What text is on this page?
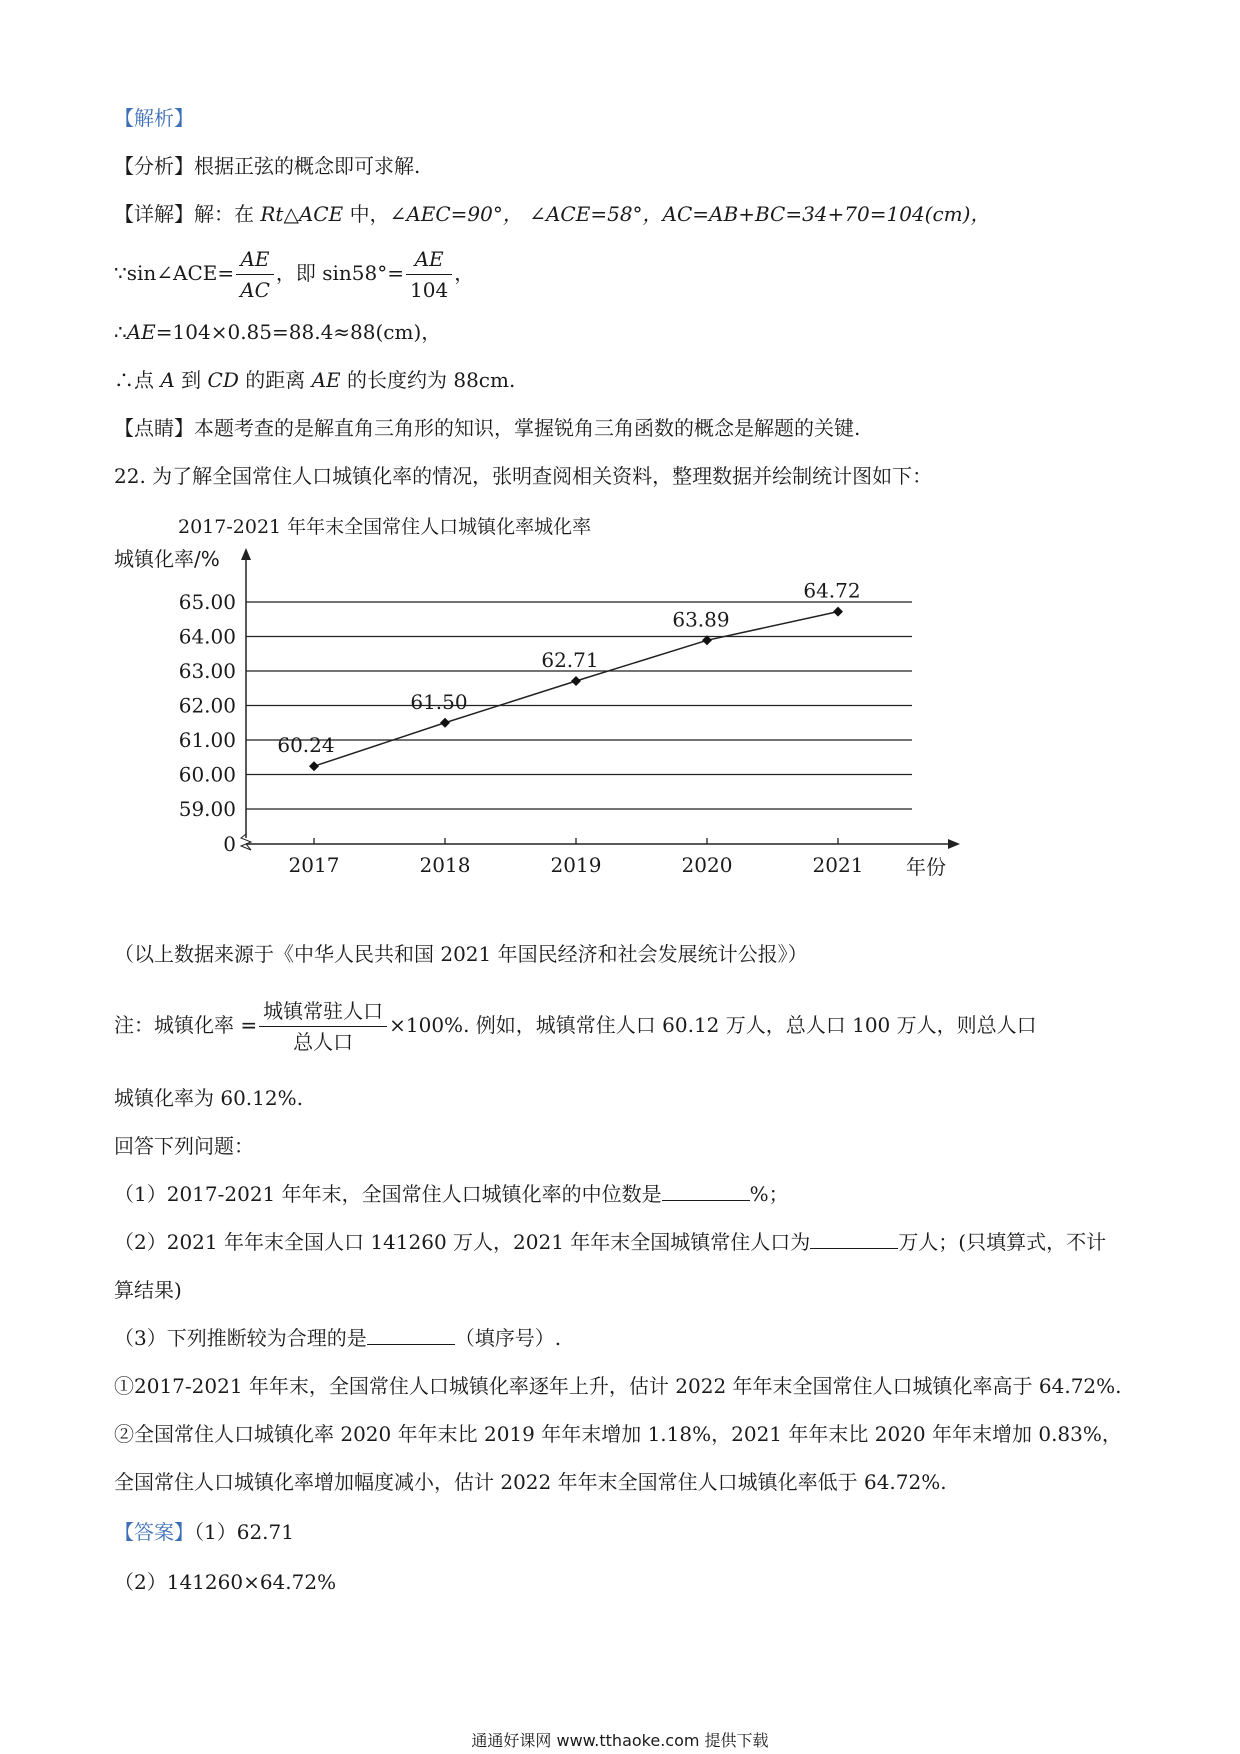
【解析】
【分析】根据正弦的概念即可求解.
【详解】解：在 Rt△ACE 中，∠AEC=90°， ∠ACE=58°，AC=AB+BC=34+70=104(cm)，
∵sin∠ACE= $\frac{AE}{AC}$ ，即 $\sin 58^\circ= \frac{AE}{104}$ ，
∴AE=104×0.85=88.4≈88(cm)，
∴点 A 到 CD 的距离 AE 的长度约为 88cm.
【点睛】本题考查的是解直角三角形的知识，掌握锐角三角函数的概念是解题的关键.
22. 为了解全国常住人口城镇化率的情况，张明查阅相关资料，整理数据并绘制统计图如下：
2017-2021 年年末全国常住人口城镇化率城化率
0
59.00
60.00
61.00
62.00
63.00
64.00
65.00
城镇化率/%
年份
2017	2018	2019	2020	2021
60.24
61.50
62.71
63.89
64.72
（以上数据来源于《中华人民共和国 2021 年国民经济和社会发展统计公报》）
注：城镇化率 = $\frac{\text{城镇常驻人口}}{\text{总人口}} \times 100\%$. 例如，城镇常住人口 60.12 万人，总人口 100 万人，则总人口
城镇化率为 60.12%.
回答下列问题：
（1）2017-2021 年年末，全国常住人口城镇化率的中位数是	%；
（2）2021 年年末全国人口 141260 万人，2021 年年末全国城镇常住人口为	万人；(只填算式，不计
算结果)
（3）下列推断较为合理的是	（填序号）.
①2017-2021 年年末，全国常住人口城镇化率逐年上升，估计 2022 年年末全国常住人口城镇化率高于 64.72%.
②全国常住人口城镇化率 2020 年年末比 2019 年年末增加 1.18%，2021 年年末比 2020 年年末增加 0.83%，
全国常住人口城镇化率增加幅度减小，估计 2022 年年末全国常住人口城镇化率低于 64.72%.
【答案】（1）62.71
（2）141260×64.72%
通通好课网 www.tthaoke.com 提供下载
